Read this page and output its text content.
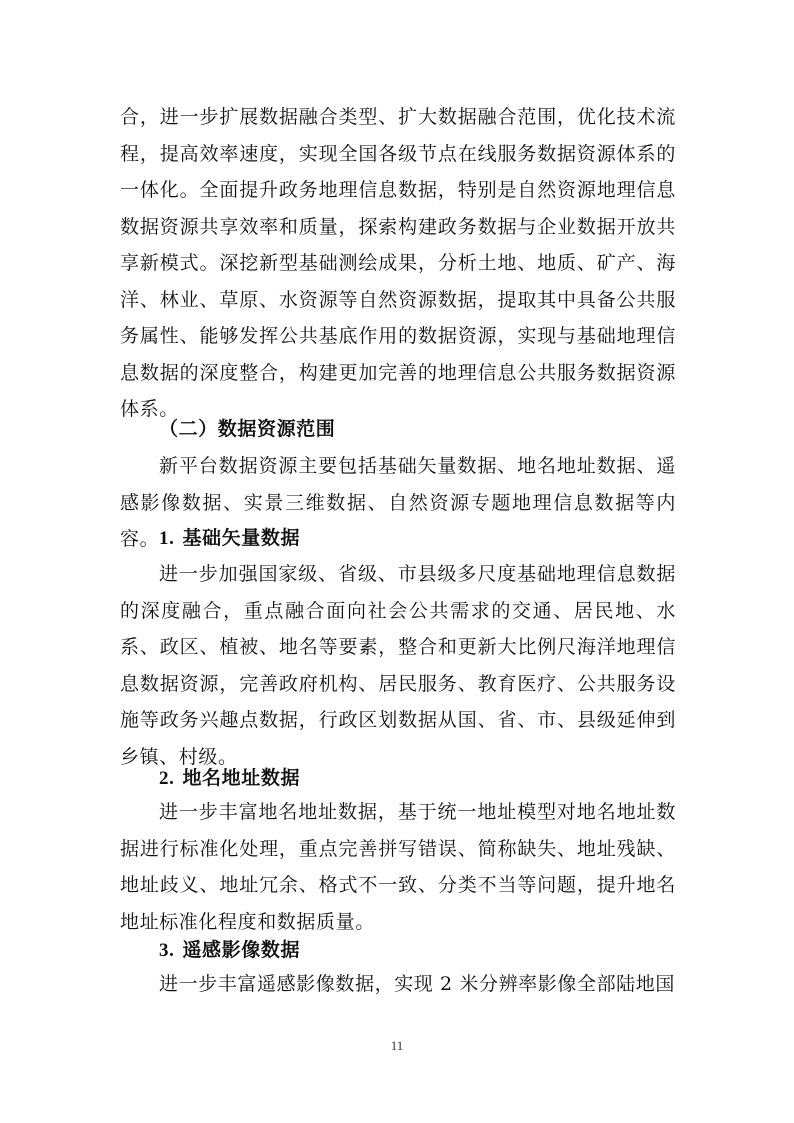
合，进一步扩展数据融合类型、扩大数据融合范围，优化技术流程，提高效率速度，实现全国各级节点在线服务数据资源体系的一体化。全面提升政务地理信息数据，特别是自然资源地理信息数据资源共享效率和质量，探索构建政务数据与企业数据开放共享新模式。深挖新型基础测绘成果，分析土地、地质、矿产、海洋、林业、草原、水资源等自然资源数据，提取其中具备公共服务属性、能够发挥公共基底作用的数据资源，实现与基础地理信息数据的深度整合，构建更加完善的地理信息公共服务数据资源体系。

（二）数据资源范围

新平台数据资源主要包括基础矢量数据、地名地址数据、遥感影像数据、实景三维数据、自然资源专题地理信息数据等内容。 1. 基础矢量数据

进一步加强国家级、省级、市县级多尺度基础地理信息数据的深度融合，重点融合面向社会公共需求的交通、居民地、水系、政区、植被、地名等要素，整合和更新大比例尺海洋地理信息数据资源，完善政府机构、居民服务、教育医疗、公共服务设施等政务兴趣点数据，行政区划数据从国、省、市、县级延伸到乡镇、村级。

2. 地名地址数据

进一步丰富地名地址数据，基于统一地址模型对地名地址数据进行标准化处理，重点完善拼写错误、简称缺失、地址残缺、地址歧义、地址冗余、格式不一致、分类不当等问题，提升地名地址标准化程度和数据质量。

3. 遥感影像数据

进一步丰富遥感影像数据，实现 2 米分辨率影像全部陆地国

11
